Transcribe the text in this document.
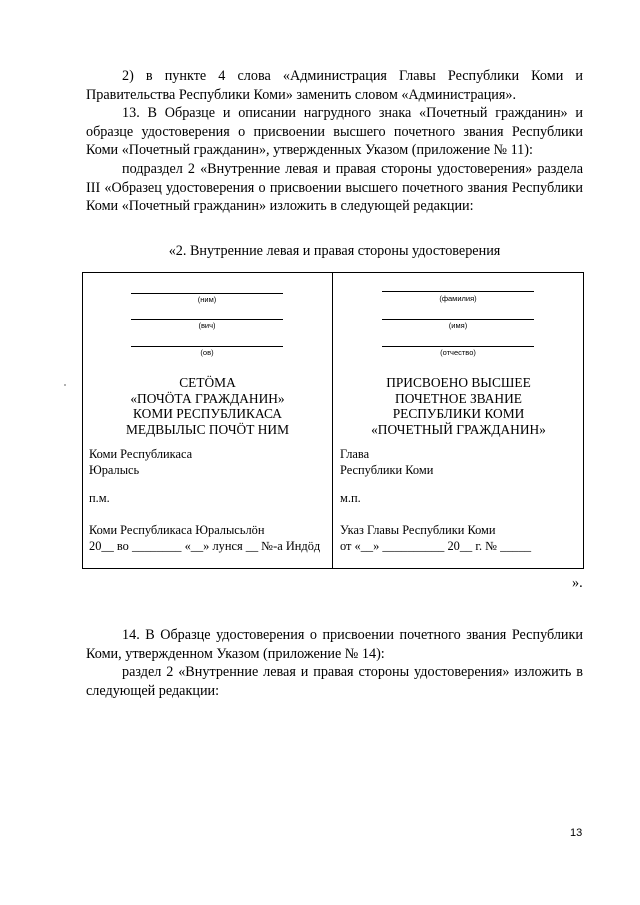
2) в пункте 4 слова «Администрация Главы Республики Коми и Правительства Республики Коми» заменить словом «Администрация».
13. В Образце и описании нагрудного знака «Почетный гражданин» и образце удостоверения о присвоении высшего почетного звания Республики Коми «Почетный гражданин», утвержденных Указом (приложение № 11):
подраздел 2 «Внутренние левая и правая стороны удостоверения» раздела III «Образец удостоверения о присвоении высшего почетного звания Республики Коми «Почетный гражданин» изложить в следующей редакции:
«2. Внутренние левая и правая стороны удостоверения
(ним)
(вич)
(ов)
СЕТÖМА
«ПОЧÖТА ГРАЖДАНИН»
КОМИ РЕСПУБЛИКАСА
МЕДВЫЛЫС ПОЧÖТ НИМ
Коми Республикаса
Юралысь
п.м.
Коми Республикаса Юралысьлöн
20__ во ________ «__» лунся __ №-а Индöд
(фамилия)
(имя)
(отчество)
ПРИСВОЕНО ВЫСШЕЕ
ПОЧЕТНОЕ ЗВАНИЕ
РЕСПУБЛИКИ КОМИ
«ПОЧЕТНЫЙ ГРАЖДАНИН»
Глава
Республики Коми
м.п.
Указ Главы Республики Коми
от «__» __________ 20__ г. № _____
».
14. В Образце удостоверения о присвоении почетного звания Республики Коми, утвержденном Указом (приложение № 14):
раздел 2 «Внутренние левая и правая стороны удостоверения» изложить в следующей редакции:
13
